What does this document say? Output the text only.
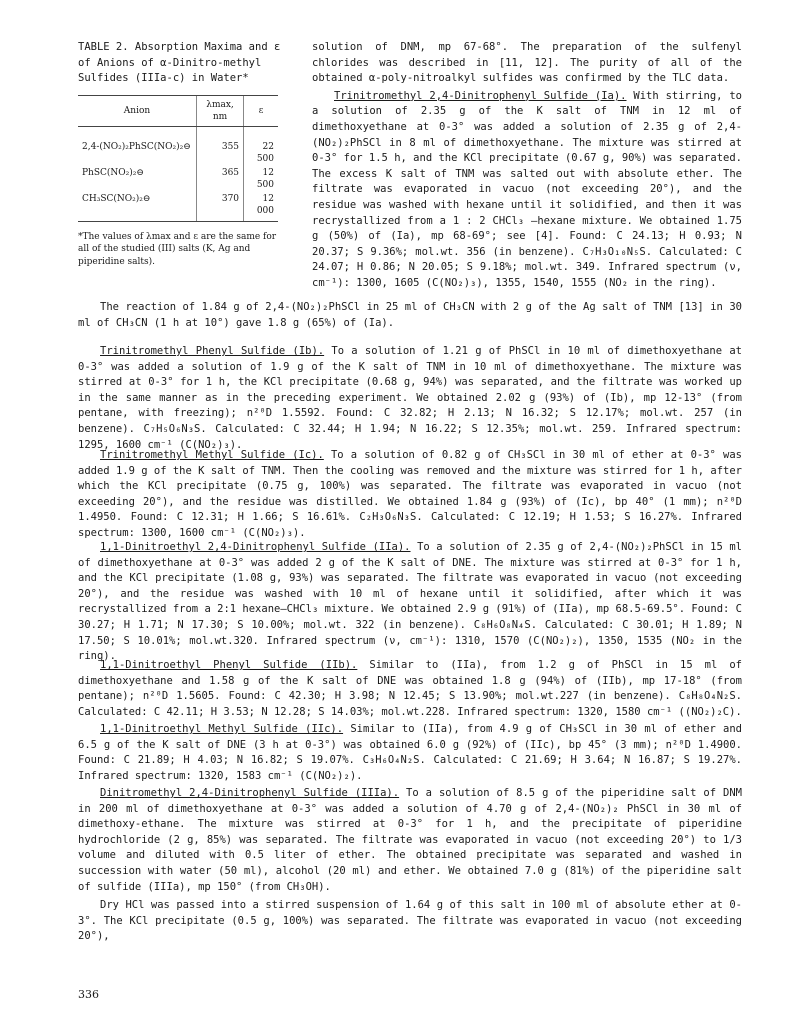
TABLE 2. Absorption Maxima and ε of Anions of α-Dinitro-methyl Sulfides (IIIa-c) in Water*

Anion	λmax, nm	ε
2,4-(NO₂)₂PhSC(NO₂)₂⊖	355	22 500
PhSC(NO₂)₂⊖	365	12 500
CH₃SC(NO₂)₂⊖	370	12 000
*The values of λmax and ε are the same for all of the studied (III) salts (K, Ag and piperidine salts).

solution of DNM, mp 67-68°. The preparation of the sulfenyl chlorides was described in [11, 12]. The purity of all of the obtained α-poly-nitroalkyl sulfides was confirmed by the TLC data.

Trinitromethyl 2,4-Dinitrophenyl Sulfide (Ia). With stirring, to a solution of 2.35 g of the K salt of TNM in 12 ml of dimethoxyethane at 0-3° was added a solution of 2.35 g of 2,4-(NO₂)₂PhSCl in 8 ml of dimethoxyethane. The mixture was stirred at 0-3° for 1.5 h, and the KCl precipitate (0.67 g, 90%) was separated. The excess K salt of TNM was salted out with absolute ether. The filtrate was evaporated in vacuo (not exceeding 20°), and the residue was washed with hexane until it solidified, and then it was recrystallized from a 1 : 2 CHCl₃ –hexane mixture. We obtained 1.75 g (50%) of (Ia), mp 68-69°; see [4]. Found: C 24.13; H 0.93; N 20.37; S 9.36%; mol.wt. 356 (in benzene). C₇H₃O₁₀N₅S. Calculated: C 24.07; H 0.86; N 20.05; S 9.18%; mol.wt. 349. Infrared spectrum (ν, cm⁻¹): 1300, 1605 (C(NO₂)₃), 1355, 1540, 1555 (NO₂ in the ring).

The reaction of 1.84 g of 2,4-(NO₂)₂PhSCl in 25 ml of CH₃CN with 2 g of the Ag salt of TNM [13] in 30 ml of CH₃CN (1 h at 10°) gave 1.8 g (65%) of (Ia).

Trinitromethyl Phenyl Sulfide (Ib). To a solution of 1.21 g of PhSCl in 10 ml of dimethoxyethane at 0-3° was added a solution of 1.9 g of the K salt of TNM in 10 ml of dimethoxyethane. The mixture was stirred at 0-3° for 1 h, the KCl precipitate (0.68 g, 94%) was separated, and the filtrate was worked up in the same manner as in the preceding experiment. We obtained 2.02 g (93%) of (Ib), mp 12-13° (from pentane, with freezing); n²⁰D 1.5592. Found: C 32.82; H 2.13; N 16.32; S 12.17%; mol.wt. 257 (in benzene). C₇H₅O₆N₃S. Calculated: C 32.44; H 1.94; N 16.22; S 12.35%; mol.wt. 259. Infrared spectrum: 1295, 1600 cm⁻¹ (C(NO₂)₃).

Trinitromethyl Methyl Sulfide (Ic). To a solution of 0.82 g of CH₃SCl in 30 ml of ether at 0-3° was added 1.9 g of the K salt of TNM. Then the cooling was removed and the mixture was stirred for 1 h, after which the KCl precipitate (0.75 g, 100%) was separated. The filtrate was evaporated in vacuo (not exceeding 20°), and the residue was distilled. We obtained 1.84 g (93%) of (Ic), bp 40° (1 mm); n²⁰D 1.4950. Found: C 12.31; H 1.66; S 16.61%. C₂H₃O₆N₃S. Calculated: C 12.19; H 1.53; S 16.27%. Infrared spectrum: 1300, 1600 cm⁻¹ (C(NO₂)₃).

1,1-Dinitroethyl 2,4-Dinitrophenyl Sulfide (IIa). To a solution of 2.35 g of 2,4-(NO₂)₂PhSCl in 15 ml of dimethoxyethane at 0-3° was added 2 g of the K salt of DNE. The mixture was stirred at 0-3° for 1 h, and the KCl precipitate (1.08 g, 93%) was separated. The filtrate was evaporated in vacuo (not exceeding 20°), and the residue was washed with 10 ml of hexane until it solidified, after which it was recrystallized from a 2:1 hexane–CHCl₃ mixture. We obtained 2.9 g (91%) of (IIa), mp 68.5-69.5°. Found: C 30.27; H 1.71; N 17.30; S 10.00%; mol.wt. 322 (in benzene). C₈H₆O₈N₄S. Calculated: C 30.01; H 1.89; N 17.50; S 10.01%; mol.wt.320. Infrared spectrum (ν, cm⁻¹): 1310, 1570 (C(NO₂)₂), 1350, 1535 (NO₂ in the ring).

1,1-Dinitroethyl Phenyl Sulfide (IIb). Similar to (IIa), from 1.2 g of PhSCl in 15 ml of dimethoxyethane and 1.58 g of the K salt of DNE was obtained 1.8 g (94%) of (IIb), mp 17-18° (from pentane); n²⁰D 1.5605. Found: C 42.30; H 3.98; N 12.45; S 13.90%; mol.wt.227 (in benzene). C₈H₈O₄N₂S. Calculated: C 42.11; H 3.53; N 12.28; S 14.03%; mol.wt.228. Infrared spectrum: 1320, 1580 cm⁻¹ ((NO₂)₂C).

1,1-Dinitroethyl Methyl Sulfide (IIc). Similar to (IIa), from 4.9 g of CH₃SCl in 30 ml of ether and 6.5 g of the K salt of DNE (3 h at 0-3°) was obtained 6.0 g (92%) of (IIc), bp 45° (3 mm); n²⁰D 1.4900. Found: C 21.89; H 4.03; N 16.82; S 19.07%. C₃H₆O₄N₂S. Calculated: C 21.69; H 3.64; N 16.87; S 19.27%. Infrared spectrum: 1320, 1583 cm⁻¹ (C(NO₂)₂).

Dinitromethyl 2,4-Dinitrophenyl Sulfide (IIIa). To a solution of 8.5 g of the piperidine salt of DNM in 200 ml of dimethoxyethane at 0-3° was added a solution of 4.70 g of 2,4-(NO₂)₂ PhSCl in 30 ml of dimethoxy-ethane. The mixture was stirred at 0-3° for 1 h, and the precipitate of piperidine hydrochloride (2 g, 85%) was separated. The filtrate was evaporated in vacuo (not exceeding 20°) to 1/3 volume and diluted with 0.5 liter of ether. The obtained precipitate was separated and washed in succession with water (50 ml), alcohol (20 ml) and ether. We obtained 7.0 g (81%) of the piperidine salt of sulfide (IIIa), mp 150° (from CH₃OH).

Dry HCl was passed into a stirred suspension of 1.64 g of this salt in 100 ml of absolute ether at 0-3°. The KCl precipitate (0.5 g, 100%) was separated. The filtrate was evaporated in vacuo (not exceeding 20°),

336
